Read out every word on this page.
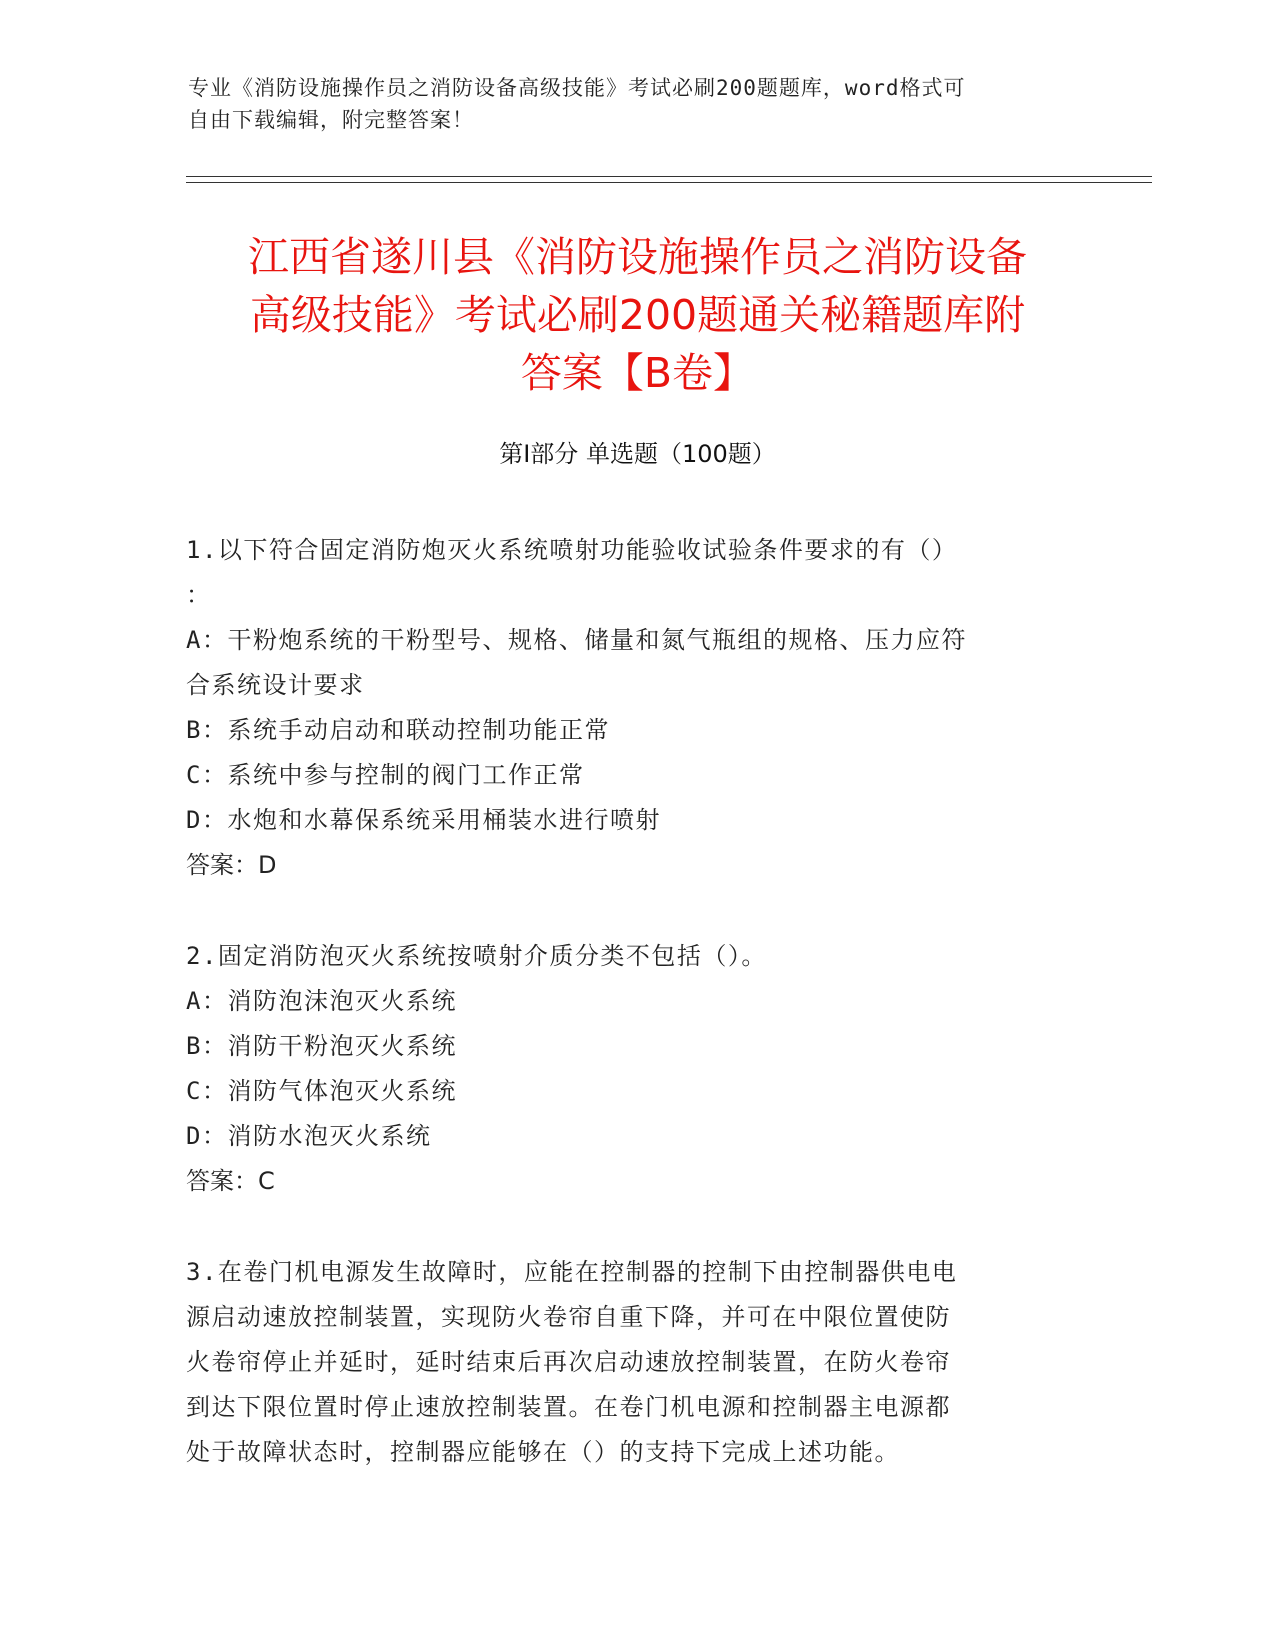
专业《消防设施操作员之消防设备高级技能》考试必刷200题题库，word格式可
自由下载编辑，附完整答案！
江西省遂川县《消防设施操作员之消防设备
高级技能》考试必刷200题通关秘籍题库附
答案【B卷】
第Ⅰ部分 单选题（100题）
1.以下符合固定消防炮灭火系统喷射功能验收试验条件要求的有（）
：
A：干粉炮系统的干粉型号、规格、储量和氮气瓶组的规格、压力应符
合系统设计要求
B：系统手动启动和联动控制功能正常
C：系统中参与控制的阀门工作正常
D：水炮和水幕保系统采用桶装水进行喷射
答案：D
2.固定消防泡灭火系统按喷射介质分类不包括（）。
A：消防泡沫泡灭火系统
B：消防干粉泡灭火系统
C：消防气体泡灭火系统
D：消防水泡灭火系统
答案：C
3.在卷门机电源发生故障时，应能在控制器的控制下由控制器供电电
源启动速放控制装置，实现防火卷帘自重下降，并可在中限位置使防
火卷帘停止并延时，延时结束后再次启动速放控制装置，在防火卷帘
到达下限位置时停止速放控制装置。在卷门机电源和控制器主电源都
处于故障状态时，控制器应能够在（）的支持下完成上述功能。
